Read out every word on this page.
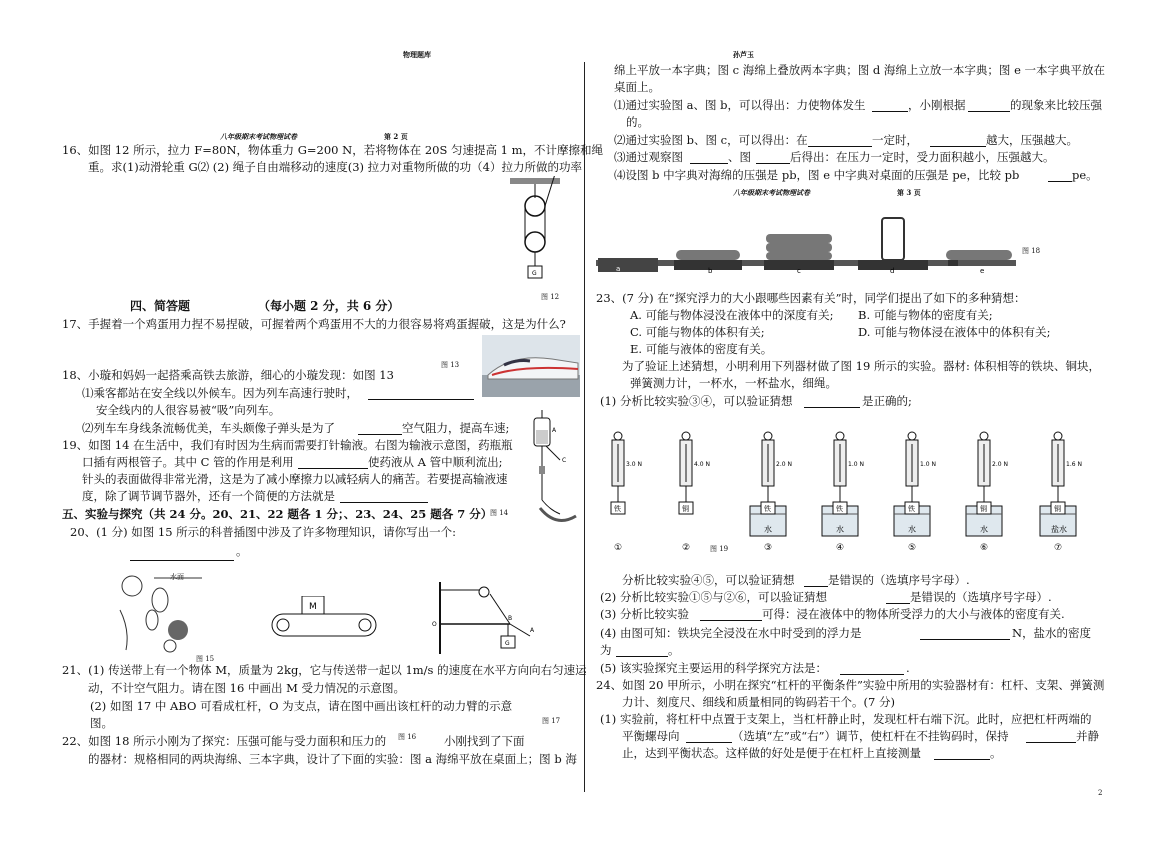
物理题库	孙芦玉
八年级期末考试物理试卷	第 2 页
16、如图 12 所示，拉力 F=80N，物体重力 G=200 N，若将物体在 20S 匀速提高 1 m，不计摩擦和绳
重。求(1)动滑轮重 G⑵ (2) 绳子自由端移动的速度(3) 拉力对重物所做的功（4）拉力所做的功率
G
图 12
四、简答题	（每小题 2 分，共 6 分）
17、手握着一个鸡蛋用力捏不易捏破，可握着两个鸡蛋用不大的力很容易将鸡蛋握破，这是为什么?
图 13
18、小璇和妈妈一起搭乘高铁去旅游，细心的小璇发现：如图 13
⑴乘客都站在安全线以外候车。因为列车高速行驶时，
安全线内的人很容易被“吸”向列车。
⑵列车车身线条流畅优美，车头颇像子弹头是为了	空气阻力，提高车速;
19、如图 14 在生活中，我们有时因为生病而需要打针输液。右图为输液示意图，药瓶瓶
口插有两根管子。其中 C 管的作用是利用	使药液从 A 管中顺利流出;
针头的表面做得非常光滑，这是为了减小摩擦力以减轻病人的痛苦。若要提高输液速
度，除了调节调节器外，还有一个简便的方法就是
A
C
图 14
五、实验与探究（共 24 分。20、21、22 题各 1 分；、23、24、25 题各 7 分）
20、(1 分) 如图 15 所示的科普插图中涉及了许多物理知识，请你写出一个:
。
水面
图 15
M
O
B
A
G
21、(1) 传送带上有一个物体 M，质量为 2kg，它与传送带一起以 1m/s 的速度在水平方向向右匀速运
动，不计空气阻力。请在图 16 中画出 M 受力情况的示意图。
(2) 如图 17 中 ABO 可看成杠杆，O 为支点，请在图中画出该杠杆的动力臂的示意
图。	图 17
22、如图 18 所示小刚为了探究：压强可能与受力面积和压力的 图 16 小刚找到了下面
的器材：规格相同的两块海绵、三本字典，设计了下面的实验：图 a 海绵平放在桌面上；图 b 海
绵上平放一本字典；图 c 海绵上叠放两本字典；图 d 海绵上立放一本字典；图 e 一本字典平放在
桌面上。
⑴通过实验图 a、图 b，可以得出：力使物体发生	，小刚根据	的现象来比较压强
的。
⑵通过实验图 b、图 c，可以得出：在	一定时，	越大，压强越大。
⑶通过观察图	、图	后得出：在压力一定时，受力面积越小，压强越大。
⑷设图 b 中字典对海绵的压强是 pb，图 e 中字典对桌面的压强是 pe，比较 pb	pe。
八年级期末考试物理试卷	第 3 页
a	b	c	d	e
图 18
23、(7 分) 在“探究浮力的大小跟哪些因素有关”时，同学们提出了如下的多种猜想：
A. 可能与物体浸没在液体中的深度有关; B. 可能与物体的密度有关;
C. 可能与物体的体积有关;	D. 可能与物体浸在液体中的体积有关;
E. 可能与液体的密度有关。
为了验证上述猜想，小明利用下列器材做了图 19 所示的实验。器材: 体积相等的铁块、铜块，
弹簧测力计，一杯水，一杯盐水，细绳。
(1) 分析比较实验③④，可以验证猜想	是正确的;
3.0 N
铁
①
4.0 N
铜
②
2.0 N
水
铁
③
1.0 N
水
铁
④
1.0 N
水
铁
⑤
2.0 N
水
铜
⑥
1.6 N
盐水
铜
⑦
图 19
分析比较实验④⑤，可以验证猜想	是错误的（选填序号字母）.
(2) 分析比较实验①⑤与②⑥，可以验证猜想	是错误的（选填序号字母）.
(3) 分析比较实验	可得：浸在液体中的物体所受浮力的大小与液体的密度有关.
(4) 由图可知：铁块完全浸没在水中时受到的浮力是	N，盐水的密度
为	。
(5) 该实验探究主要运用的科学探究方法是：	.
24、如图 20 甲所示，小明在探究“杠杆的平衡条件”实验中所用的实验器材有：杠杆、支架、弹簧测
力计、刻度尺、细线和质量相同的钩码若干个。(7 分)
(1) 实验前，将杠杆中点置于支架上，当杠杆静止时，发现杠杆右端下沉。此时，应把杠杆两端的
平衡螺母向	（选填“左”或“右”）调节，使杠杆在不挂钩码时，保持	并静
止，达到平衡状态。这样做的好处是便于在杠杆上直接测量	。
2
